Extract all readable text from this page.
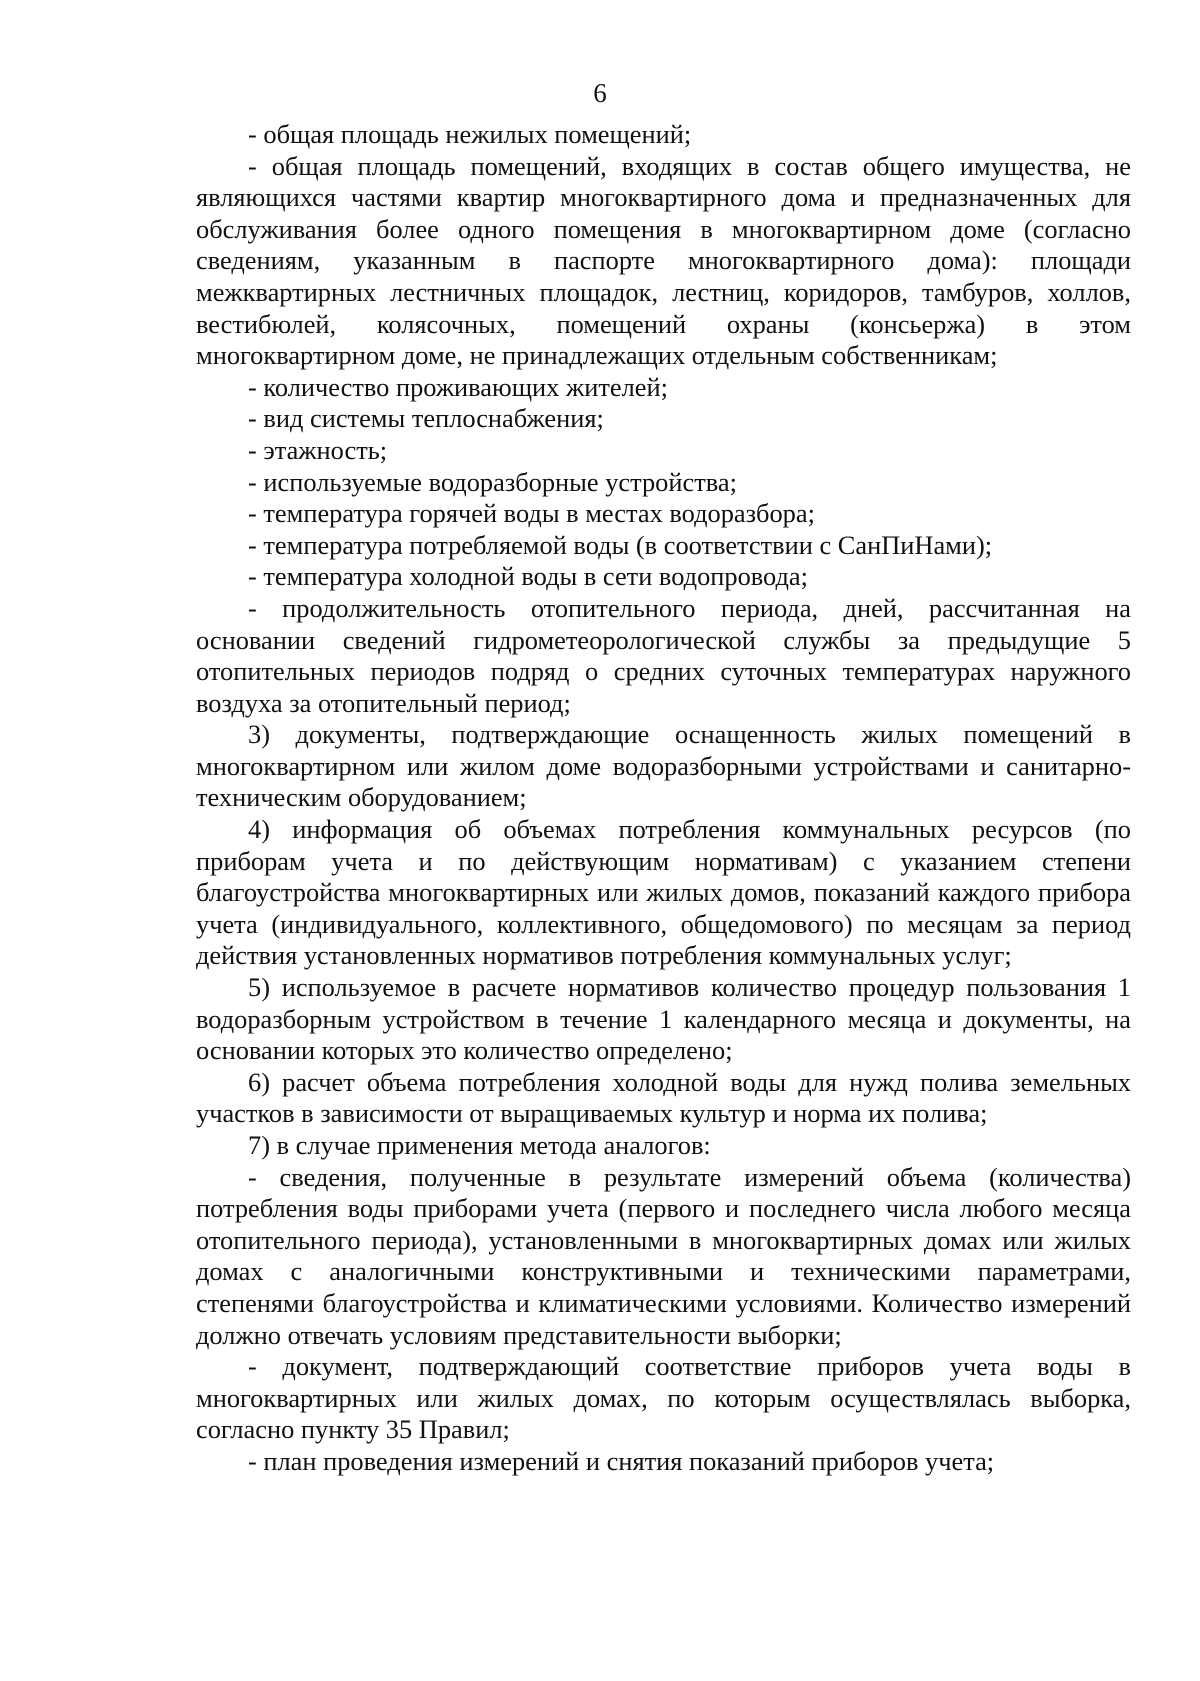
6

- общая площадь нежилых помещений;

- общая площадь помещений, входящих в состав общего имущества, не являющихся частями квартир многоквартирного дома и предназначенных для обслуживания более одного помещения в многоквартирном доме (согласно сведениям, указанным в паспорте многоквартирного дома): площади межквартирных лестничных площадок, лестниц, коридоров, тамбуров, холлов, вестибюлей, колясочных, помещений охраны (консьержа) в этом многоквартирном доме, не принадлежащих отдельным собственникам;

- количество проживающих жителей;

- вид системы теплоснабжения;

- этажность;

- используемые водоразборные устройства;

- температура горячей воды в местах водоразбора;

- температура потребляемой воды (в соответствии с СанПиНами);

- температура холодной воды в сети водопровода;

- продолжительность отопительного периода, дней, рассчитанная на основании сведений гидрометеорологической службы за предыдущие 5 отопительных периодов подряд о средних суточных температурах наружного воздуха за отопительный период;

3) документы, подтверждающие оснащенность жилых помещений в многоквартирном или жилом доме водоразборными устройствами и санитарно-техническим оборудованием;

4) информация об объемах потребления коммунальных ресурсов (по приборам учета и по действующим нормативам) с указанием степени благоустройства многоквартирных или жилых домов, показаний каждого прибора учета (индивидуального, коллективного, общедомового) по месяцам за период действия установленных нормативов потребления коммунальных услуг;

5) используемое в расчете нормативов количество процедур пользования 1 водоразборным устройством в течение 1 календарного месяца и документы, на основании которых это количество определено;

6) расчет объема потребления холодной воды для нужд полива земельных участков в зависимости от выращиваемых культур и норма их полива;

7) в случае применения метода аналогов:

- сведения, полученные в результате измерений объема (количества) потребления воды приборами учета (первого и последнего числа любого месяца отопительного периода), установленными в многоквартирных домах или жилых домах с аналогичными конструктивными и техническими параметрами, степенями благоустройства и климатическими условиями. Количество измерений должно отвечать условиям представительности выборки;

- документ, подтверждающий соответствие приборов учета воды в многоквартирных или жилых домах, по которым осуществлялась выборка, согласно пункту 35 Правил;

- план проведения измерений и снятия показаний приборов учета;
